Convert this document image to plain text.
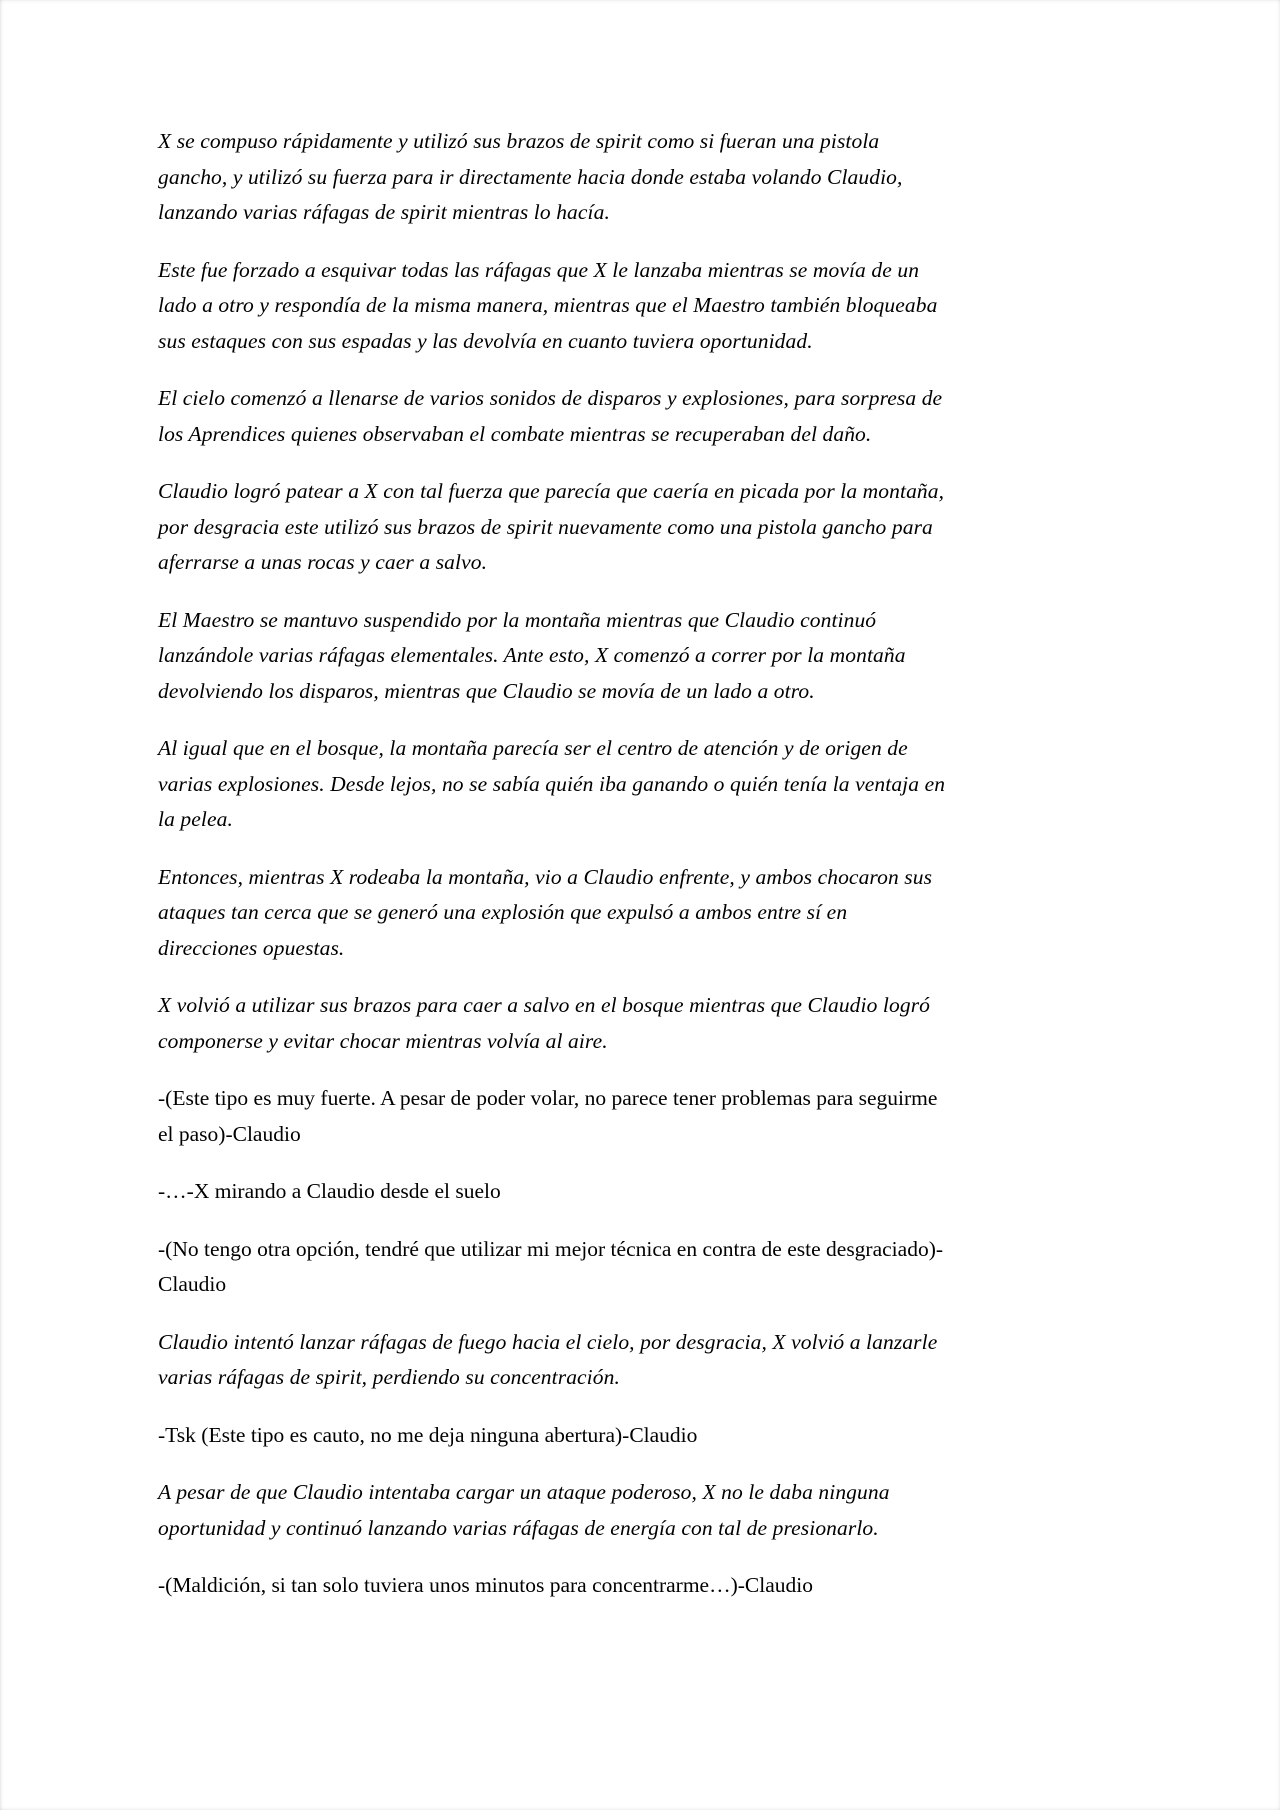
X se compuso rápidamente y utilizó sus brazos de spirit como si fueran una pistola gancho, y utilizó su fuerza para ir directamente hacia donde estaba volando Claudio, lanzando varias ráfagas de spirit mientras lo hacía.

Este fue forzado a esquivar todas las ráfagas que X le lanzaba mientras se movía de un lado a otro y respondía de la misma manera, mientras que el Maestro también bloqueaba sus estaques con sus espadas y las devolvía en cuanto tuviera oportunidad.

El cielo comenzó a llenarse de varios sonidos de disparos y explosiones, para sorpresa de los Aprendices quienes observaban el combate mientras se recuperaban del daño.

Claudio logró patear a X con tal fuerza que parecía que caería en picada por la montaña, por desgracia este utilizó sus brazos de spirit nuevamente como una pistola gancho para aferrarse a unas rocas y caer a salvo.

El Maestro se mantuvo suspendido por la montaña mientras que Claudio continuó lanzándole varias ráfagas elementales. Ante esto, X comenzó a correr por la montaña devolviendo los disparos, mientras que Claudio se movía de un lado a otro.

Al igual que en el bosque, la montaña parecía ser el centro de atención y de origen de varias explosiones. Desde lejos, no se sabía quién iba ganando o quién tenía la ventaja en la pelea.

Entonces, mientras X rodeaba la montaña, vio a Claudio enfrente, y ambos chocaron sus ataques tan cerca que se generó una explosión que expulsó a ambos entre sí en direcciones opuestas.

X volvió a utilizar sus brazos para caer a salvo en el bosque mientras que Claudio logró componerse y evitar chocar mientras volvía al aire.

-(Este tipo es muy fuerte. A pesar de poder volar, no parece tener problemas para seguirme el paso)-Claudio

-…-X mirando a Claudio desde el suelo

-(No tengo otra opción, tendré que utilizar mi mejor técnica en contra de este desgraciado)-Claudio

Claudio intentó lanzar ráfagas de fuego hacia el cielo, por desgracia, X volvió a lanzarle varias ráfagas de spirit, perdiendo su concentración.

-Tsk (Este tipo es cauto, no me deja ninguna abertura)-Claudio

A pesar de que Claudio intentaba cargar un ataque poderoso, X no le daba ninguna oportunidad y continuó lanzando varias ráfagas de energía con tal de presionarlo.

-(Maldición, si tan solo tuviera unos minutos para concentrarme…)-Claudio
